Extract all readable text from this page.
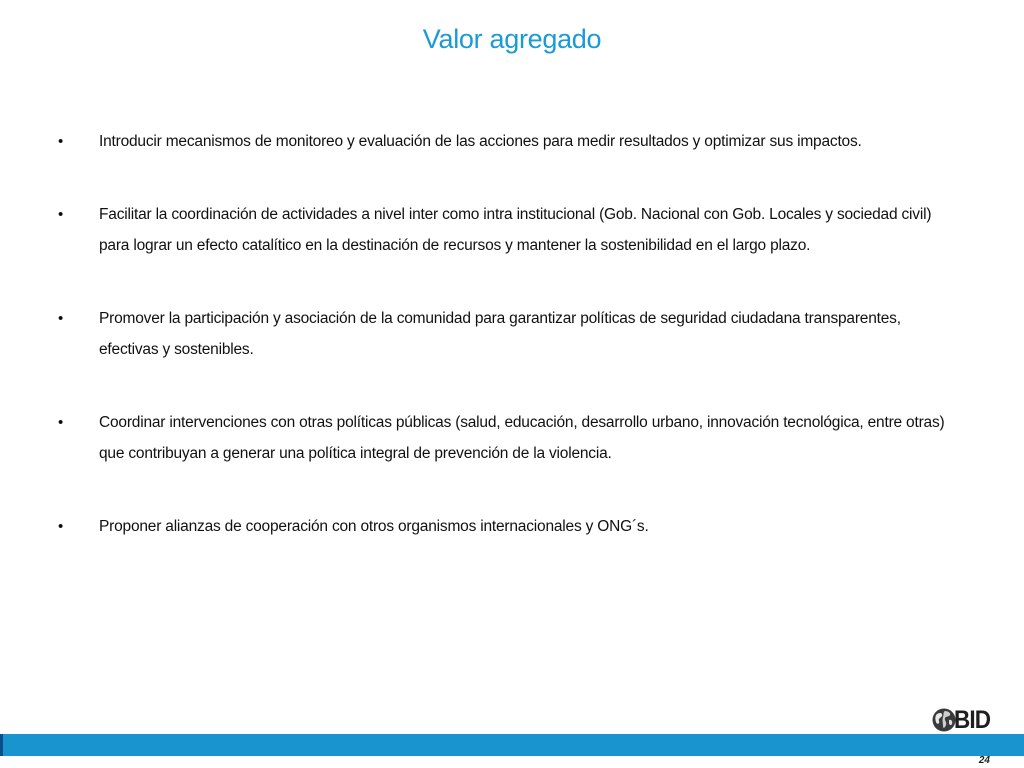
Valor agregado
• Introducir mecanismos de monitoreo y evaluación de las acciones para medir resultados y optimizar sus impactos.
• Facilitar la coordinación de actividades a nivel inter como intra institucional (Gob. Nacional con Gob. Locales y sociedad civil) para lograr un efecto catalítico en la destinación de recursos y mantener la sostenibilidad en el largo plazo.
• Promover la participación y asociación de la comunidad para garantizar políticas de seguridad ciudadana transparentes, efectivas y sostenibles.
• Coordinar intervenciones con otras políticas públicas (salud, educación, desarrollo urbano, innovación tecnológica, entre otras) que contribuyan a generar una política integral de prevención de la violencia.
• Proponer alianzas de cooperación con otros organismos internacionales y ONG´s.
BID
24
